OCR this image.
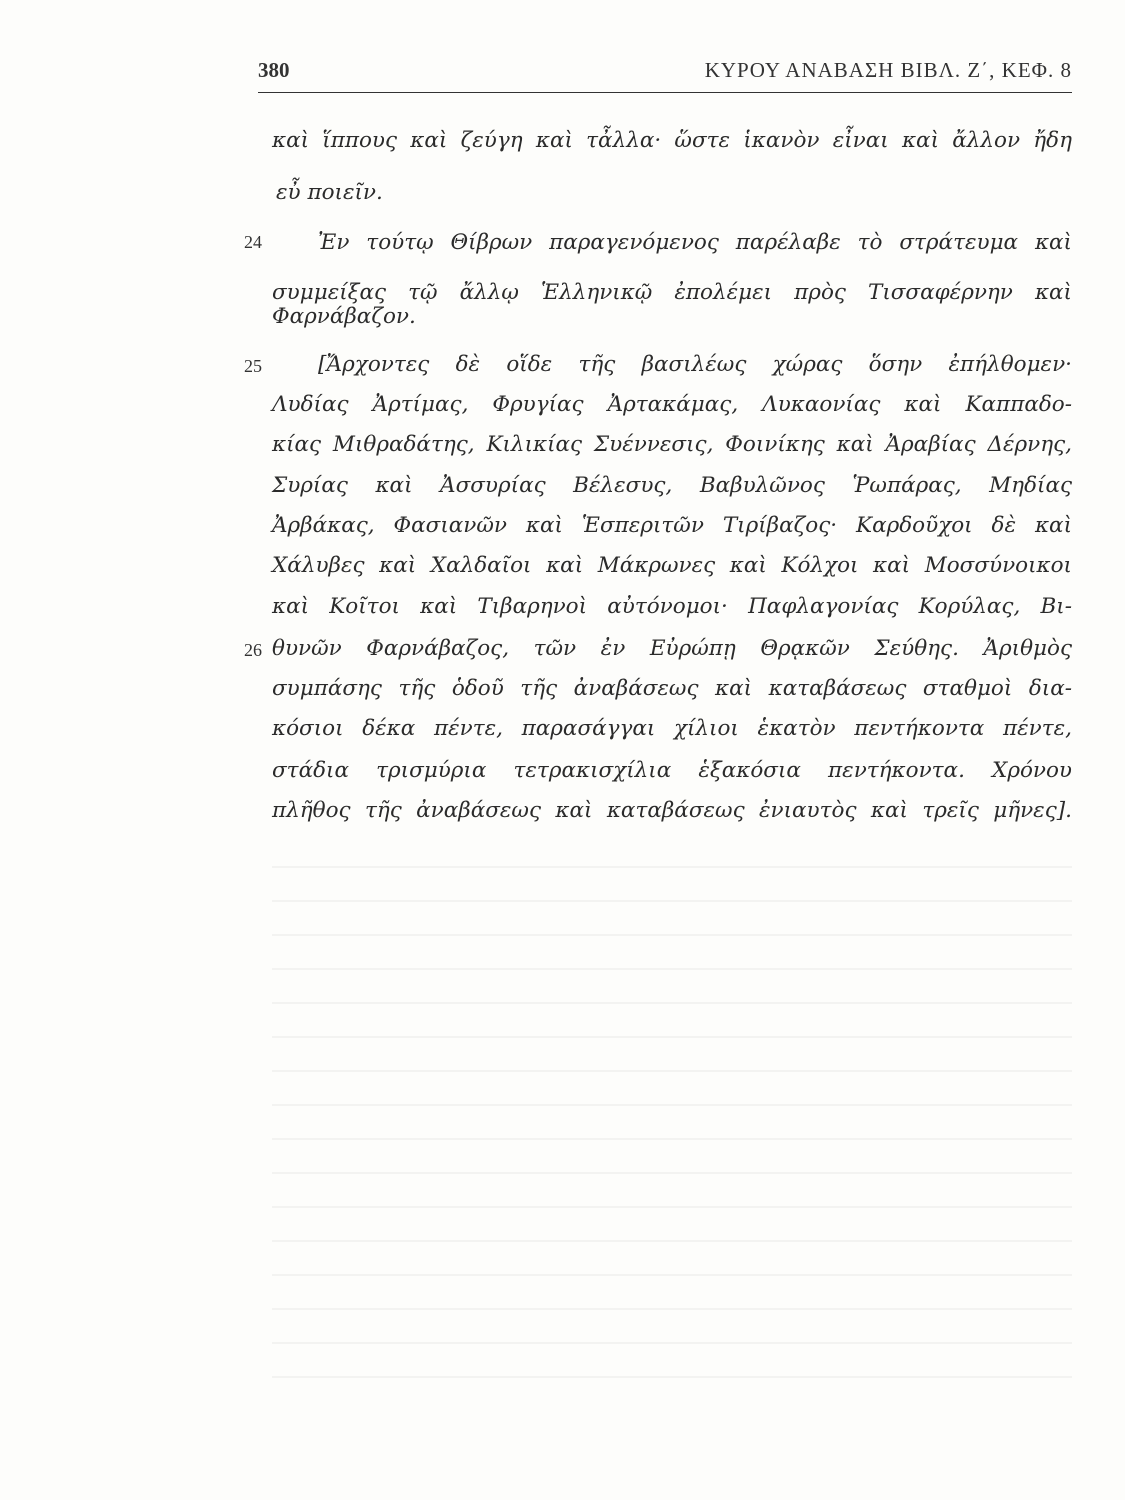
380	ΚΥΡΟΥ ΑΝΑΒΑΣΗ ΒΙΒΛ. Ζ΄, ΚΕΦ. 8
καὶ ἵππους καὶ ζεύγη καὶ τἆλλα· ὥστε ἱκανὸν εἶναι καὶ ἄλλον ἤδη
εὖ ποιεῖν.
24	Ἐν τούτῳ Θίβρων παραγενόμενος παρέλαβε τὸ στράτευμα καὶ
συμμείξας τῷ ἄλλῳ Ἑλληνικῷ ἐπολέμει πρὸς Τισσαφέρνην καὶ
Φαρνάβαζον.
25	[Ἄρχοντες δὲ οἵδε τῆς βασιλέως χώρας ὅσην ἐπήλθομεν·
Λυδίας Ἀρτίμας, Φρυγίας Ἀρτακάμας, Λυκαονίας καὶ Καππαδο-
κίας Μιθραδάτης, Κιλικίας Συέννεσις, Φοινίκης καὶ Ἀραβίας Δέρνης,
Συρίας καὶ Ἀσσυρίας Βέλεσυς, Βαβυλῶνος Ῥωπάρας, Μηδίας
Ἀρβάκας, Φασιανῶν καὶ Ἑσπεριτῶν Τιρίβαζος· Καρδοῦχοι δὲ καὶ
Χάλυβες καὶ Χαλδαῖοι καὶ Μάκρωνες καὶ Κόλχοι καὶ Μοσσύνοικοι
καὶ Κοῖτοι καὶ Τιβαρηνοὶ αὐτόνομοι· Παφλαγονίας Κορύλας, Βι-
26 θυνῶν Φαρνάβαζος, τῶν ἐν Εὐρώπῃ Θρᾳκῶν Σεύθης. Ἀριθμὸς
συμπάσης τῆς ὁδοῦ τῆς ἀναβάσεως καὶ καταβάσεως σταθμοὶ δια-
κόσιοι δέκα πέντε, παρασάγγαι χίλιοι ἑκατὸν πεντήκοντα πέντε,
στάδια τρισμύρια τετρακισχίλια ἑξακόσια πεντήκοντα. Χρόνου
πλῆθος τῆς ἀναβάσεως καὶ καταβάσεως ἐνιαυτὸς καὶ τρεῖς μῆνες].
